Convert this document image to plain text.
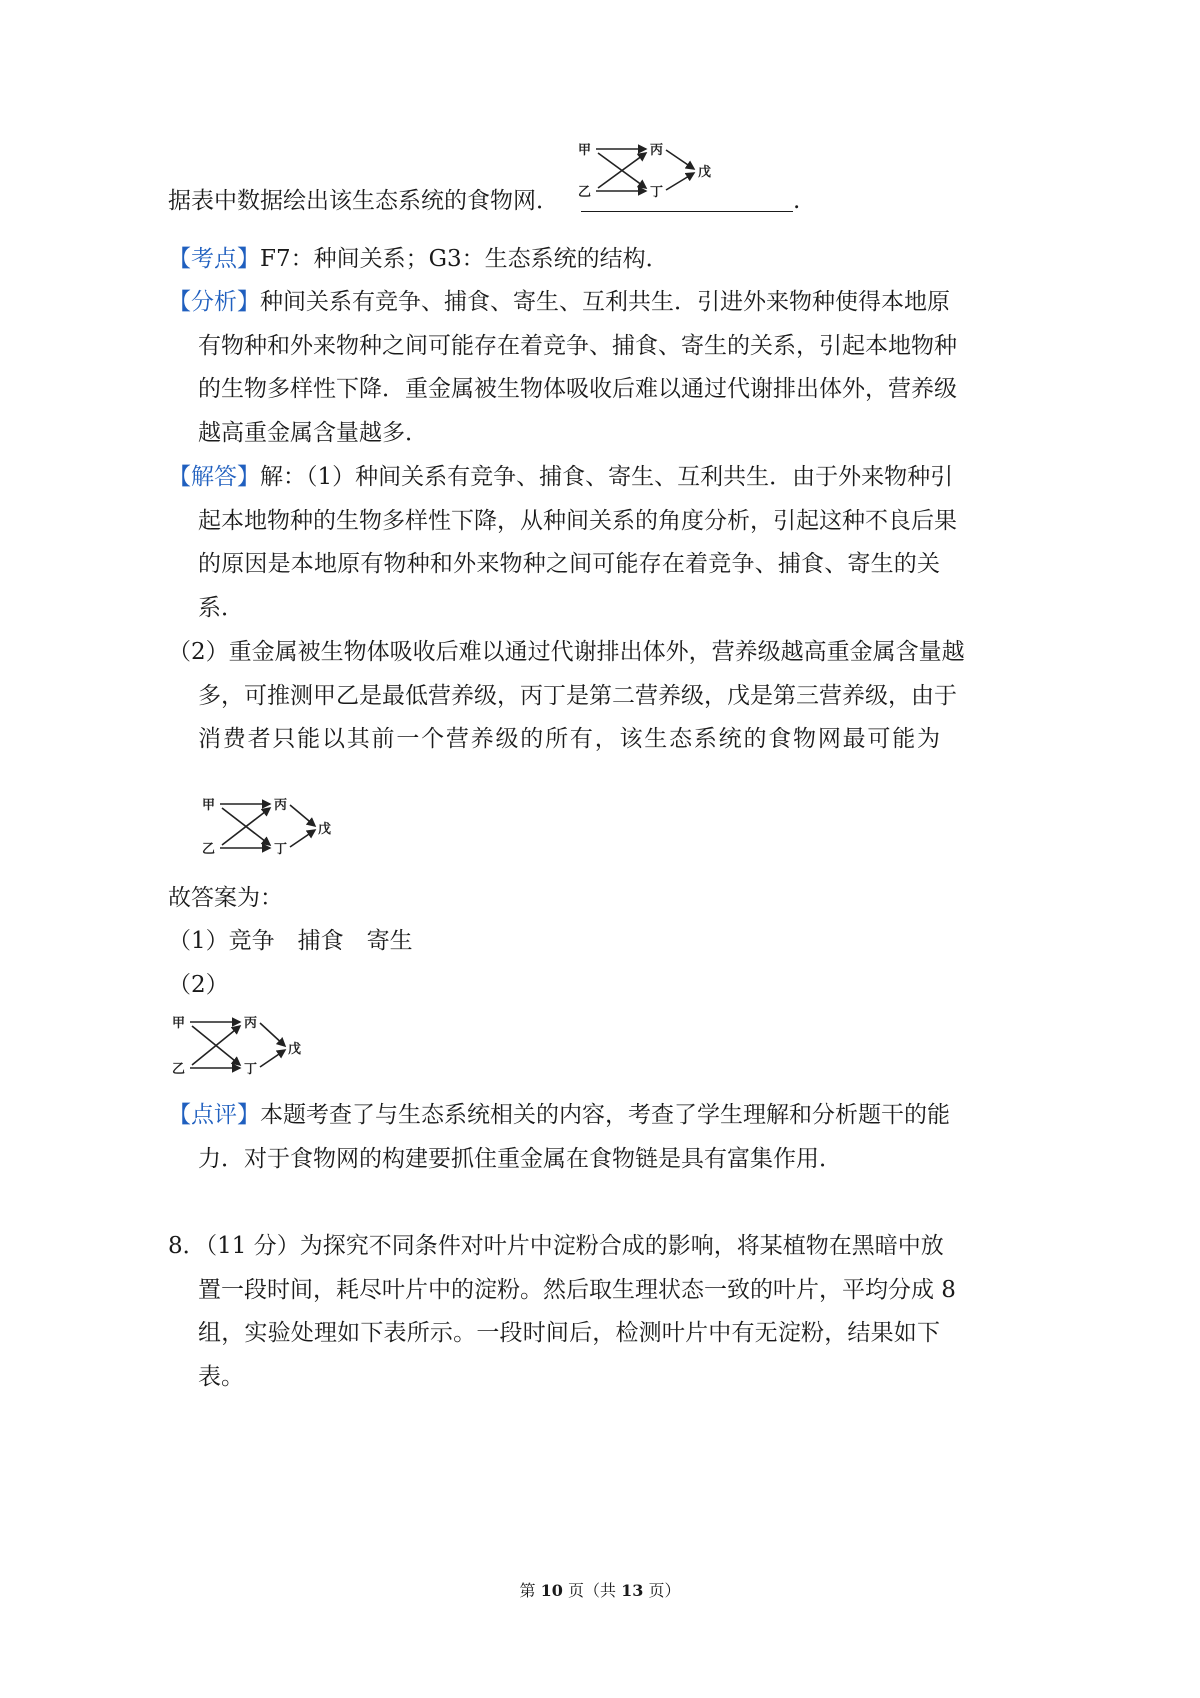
据表中数据绘出该生态系统的食物网．	.
甲
乙
丙
丁
戊
【考点】F7：种间关系；G3：生态系统的结构．
【分析】种间关系有竞争、捕食、寄生、互利共生．引进外来物种使得本地原
有物种和外来物种之间可能存在着竞争、捕食、寄生的关系，引起本地物种
的生物多样性下降．重金属被生物体吸收后难以通过代谢排出体外，营养级
越高重金属含量越多．
【解答】解：（1）种间关系有竞争、捕食、寄生、互利共生．由于外来物种引
起本地物种的生物多样性下降，从种间关系的角度分析，引起这种不良后果
的原因是本地原有物种和外来物种之间可能存在着竞争、捕食、寄生的关
系．
（2）重金属被生物体吸收后难以通过代谢排出体外，营养级越高重金属含量越
多，可推测甲乙是最低营养级，丙丁是第二营养级，戊是第三营养级，由于
消费者只能以其前一个营养级的所有，该生态系统的食物网最可能为
甲
乙
丙
丁
戊
故答案为：
（1）竞争　捕食　寄生
（2）
甲
乙
丙
丁
戊
【点评】本题考查了与生态系统相关的内容，考查了学生理解和分析题干的能
力．对于食物网的构建要抓住重金属在食物链是具有富集作用．
8．（11 分）为探究不同条件对叶片中淀粉合成的影响，将某植物在黑暗中放
置一段时间，耗尽叶片中的淀粉。然后取生理状态一致的叶片，平均分成 8
组，实验处理如下表所示。一段时间后，检测叶片中有无淀粉，结果如下
表。
第 10 页（共 13 页）
